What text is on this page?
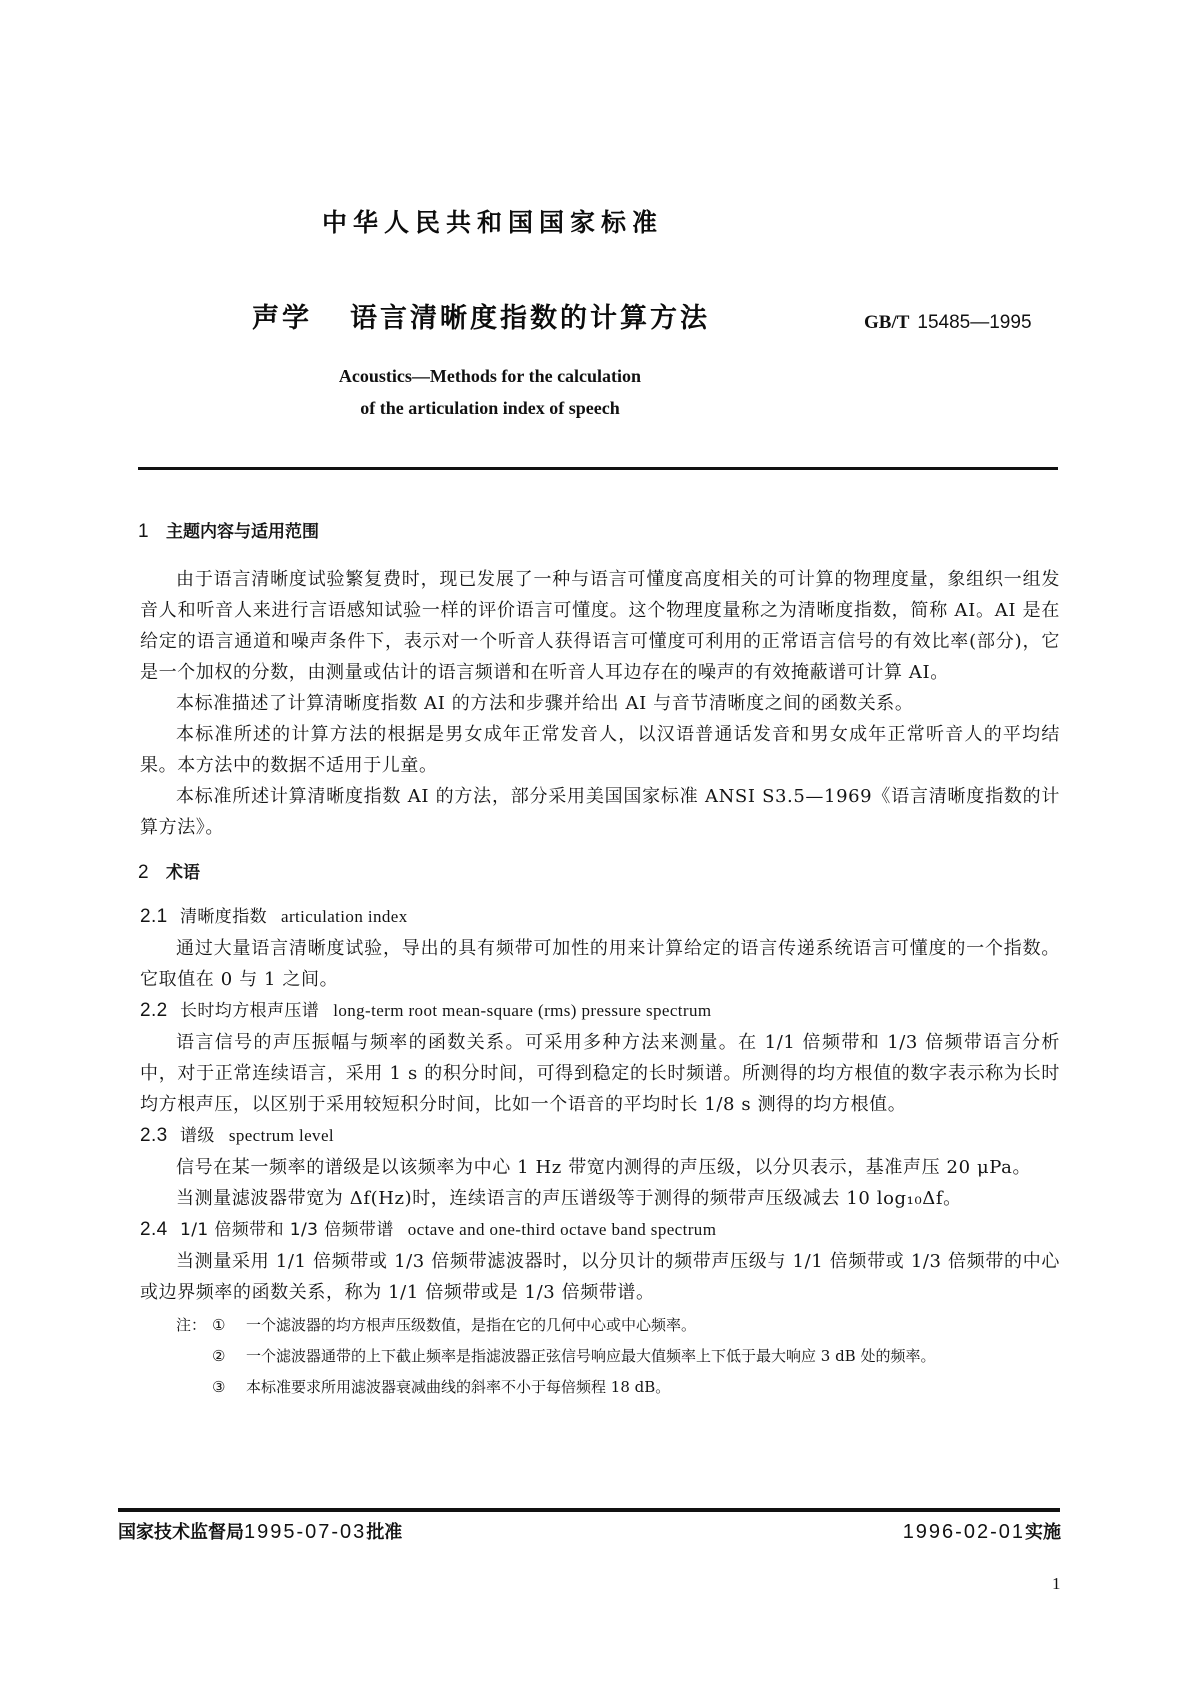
中华人民共和国国家标准
声学 语言清晰度指数的计算方法	GB/T 15485—1995
Acoustics—Methods for the calculation
of the articulation index of speech
1 主题内容与适用范围

由于语言清晰度试验繁复费时，现已发展了一种与语言可懂度高度相关的可计算的物理度量，象组织一组发音人和听音人来进行言语感知试验一样的评价语言可懂度。这个物理度量称之为清晰度指数，简称 AI。AI 是在给定的语言通道和噪声条件下，表示对一个听音人获得语言可懂度可利用的正常语言信号的有效比率(部分)，它是一个加权的分数，由测量或估计的语言频谱和在听音人耳边存在的噪声的有效掩蔽谱可计算 AI。

本标准描述了计算清晰度指数 AI 的方法和步骤并给出 AI 与音节清晰度之间的函数关系。

本标准所述的计算方法的根据是男女成年正常发音人，以汉语普通话发音和男女成年正常听音人的平均结果。本方法中的数据不适用于儿童。

本标准所述计算清晰度指数 AI 的方法，部分采用美国国家标准 ANSI S3.5—1969《语言清晰度指数的计算方法》。

2 术语
2.1 清晰度指数 articulation index

通过大量语言清晰度试验，导出的具有频带可加性的用来计算给定的语言传递系统语言可懂度的一个指数。它取值在 0 与 1 之间。

2.2 长时均方根声压谱 long-term root mean-square (rms) pressure spectrum

语言信号的声压振幅与频率的函数关系。可采用多种方法来测量。在 1/1 倍频带和 1/3 倍频带语言分析中，对于正常连续语言，采用 1 s 的积分时间，可得到稳定的长时频谱。所测得的均方根值的数字表示称为长时均方根声压，以区别于采用较短积分时间，比如一个语音的平均时长 1/8 s 测得的均方根值。

2.3 谱级 spectrum level

信号在某一频率的谱级是以该频率为中心 1 Hz 带宽内测得的声压级，以分贝表示，基准声压 20 μPa。

当测量滤波器带宽为 Δf(Hz)时，连续语言的声压谱级等于测得的频带声压级减去 10 log₁₀Δf。

2.4 1/1 倍频带和 1/3 倍频带谱 octave and one-third octave band spectrum

当测量采用 1/1 倍频带或 1/3 倍频带滤波器时，以分贝计的频带声压级与 1/1 倍频带或 1/3 倍频带的中心或边界频率的函数关系，称为 1/1 倍频带或是 1/3 倍频带谱。

注： ① 一个滤波器的均方根声压级数值，是指在它的几何中心或中心频率。
② 一个滤波器通带的上下截止频率是指滤波器正弦信号响应最大值频率上下低于最大响应 3 dB 处的频率。
③ 本标准要求所用滤波器衰减曲线的斜率不小于每倍频程 18 dB。
国家技术监督局1995-07-03批准	1996-02-01实施
1
